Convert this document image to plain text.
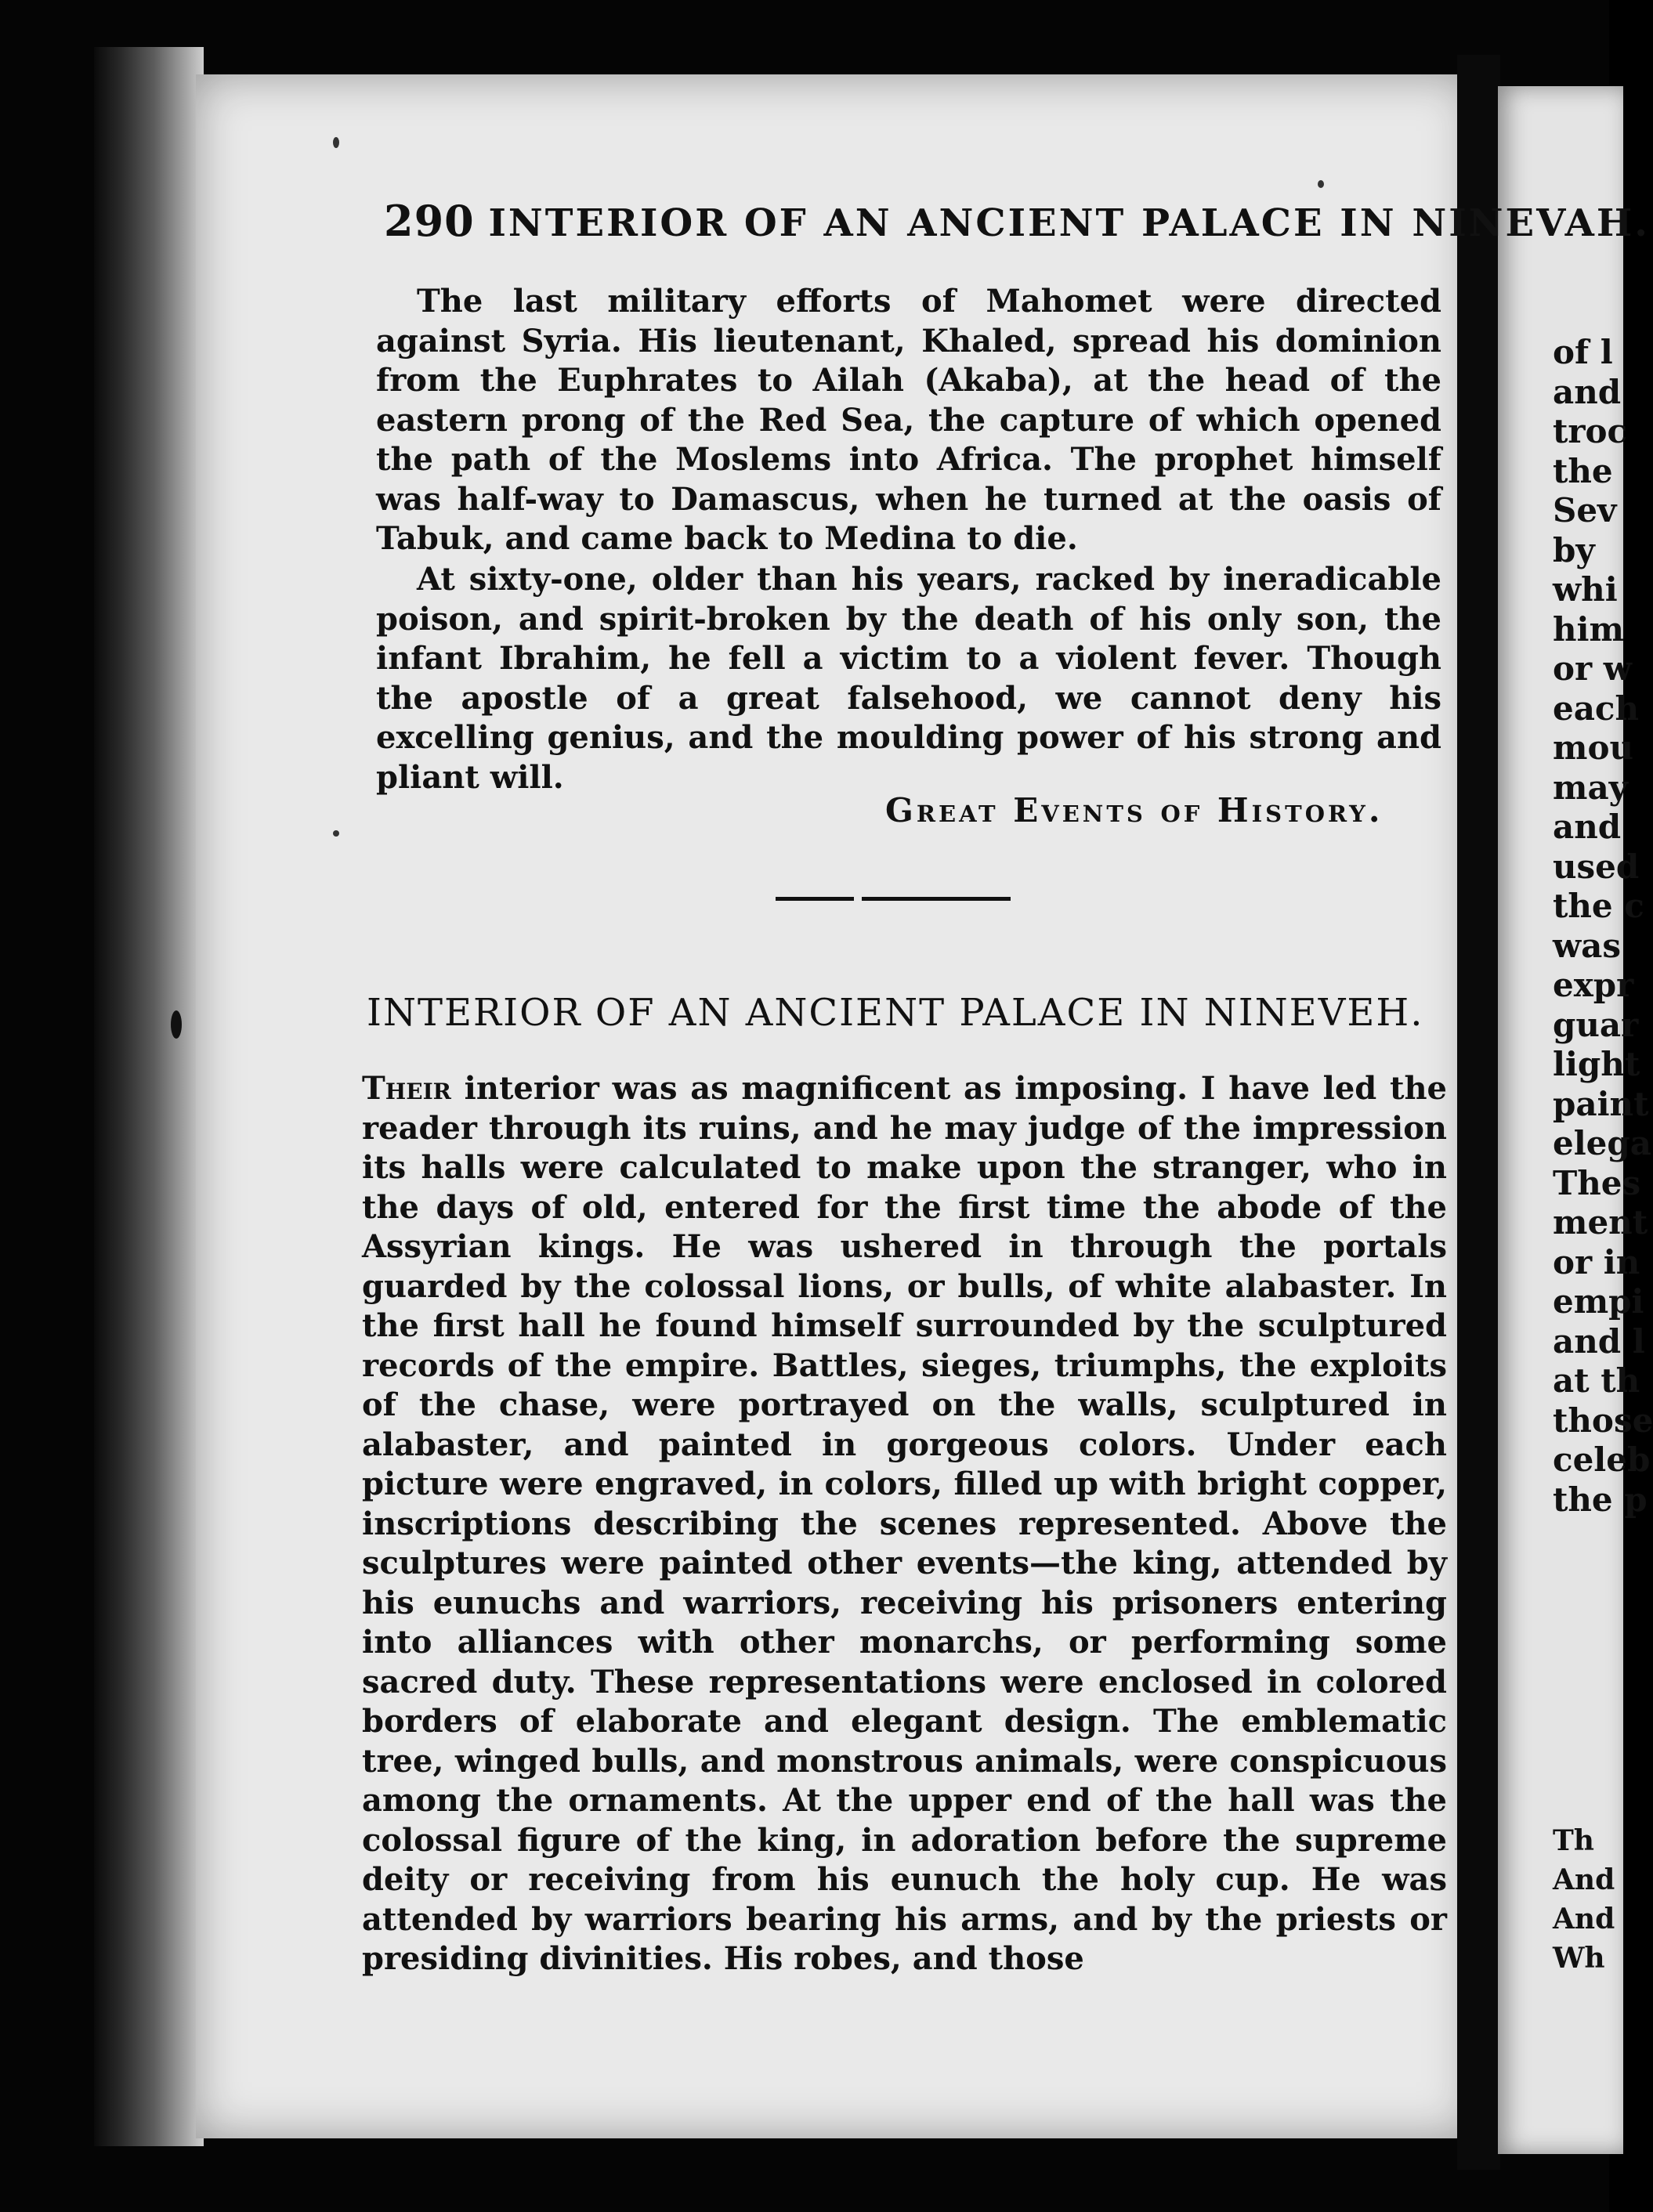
290 INTERIOR OF AN ANCIENT PALACE IN NINEVAH.
The last military efforts of Mahomet were directed against Syria. His lieutenant, Khaled, spread his dominion from the Euphrates to Ailah (Akaba), at the head of the eastern prong of the Red Sea, the capture of which opened the path of the Moslems into Africa. The prophet himself was half-way to Damascus, when he turned at the oasis of Tabuk, and came back to Medina to die.
At sixty-one, older than his years, racked by ineradicable poison, and spirit-broken by the death of his only son, the infant Ibrahim, he fell a victim to a violent fever. Though the apostle of a great falsehood, we cannot deny his excelling genius, and the moulding power of his strong and pliant will.
Great Events of History.
INTERIOR OF AN ANCIENT PALACE IN NINEVEH.
Their interior was as magnificent as imposing. I have led the reader through its ruins, and he may judge of the impression its halls were calculated to make upon the stranger, who in the days of old, entered for the first time the abode of the Assyrian kings. He was ushered in through the portals guarded by the colossal lions, or bulls, of white alabaster. In the first hall he found himself surrounded by the sculptured records of the empire. Battles, sieges, triumphs, the exploits of the chase, were portrayed on the walls, sculptured in alabaster, and painted in gorgeous colors. Under each picture were engraved, in colors, filled up with bright copper, inscriptions describing the scenes represented. Above the sculptures were painted other events—the king, attended by his eunuchs and warriors, receiving his prisoners entering into alliances with other monarchs, or performing some sacred duty. These representations were enclosed in colored borders of elaborate and elegant design. The emblematic tree, winged bulls, and monstrous animals, were conspicuous among the ornaments. At the upper end of the hall was the colossal figure of the king, in adoration before the supreme deity or receiving from his eunuch the holy cup. He was attended by warriors bearing his arms, and by the priests or presiding divinities. His robes, and those
of l
and
troc
the
Sev
by
whi
him
or w
each
mou
may
and
used
the c
was
expr
guar
light
paint
elega
Thes
ment
or in
empi
and l
at th
those
celeb
the p
Th
And
And
Wh
